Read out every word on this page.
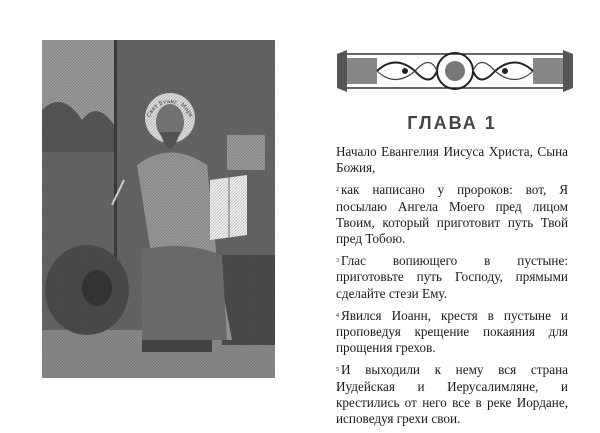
Свят Еѵанг. Марк	ГЛАВА 1

Начало Евангелия Иисуса Христа, Сына Божия,

$^2$ как написано у пророков: вот, Я посылаю Ангела Моего пред лицом Твоим, который приготовит путь Твой пред Тобою.

$^3$ Глас вопиющего в пустыне: приготовьте путь Господу, прямыми сделайте стези Ему.

$^4$ Явился Иоанн, крестя в пустыне и проповедуя крещение покаяния для прощения грехов.

$^5$ И выходили к нему вся страна Иудейская и Иерусалимляне, и крестились от него все в реке Иордане, исповедуя грехи свои.
